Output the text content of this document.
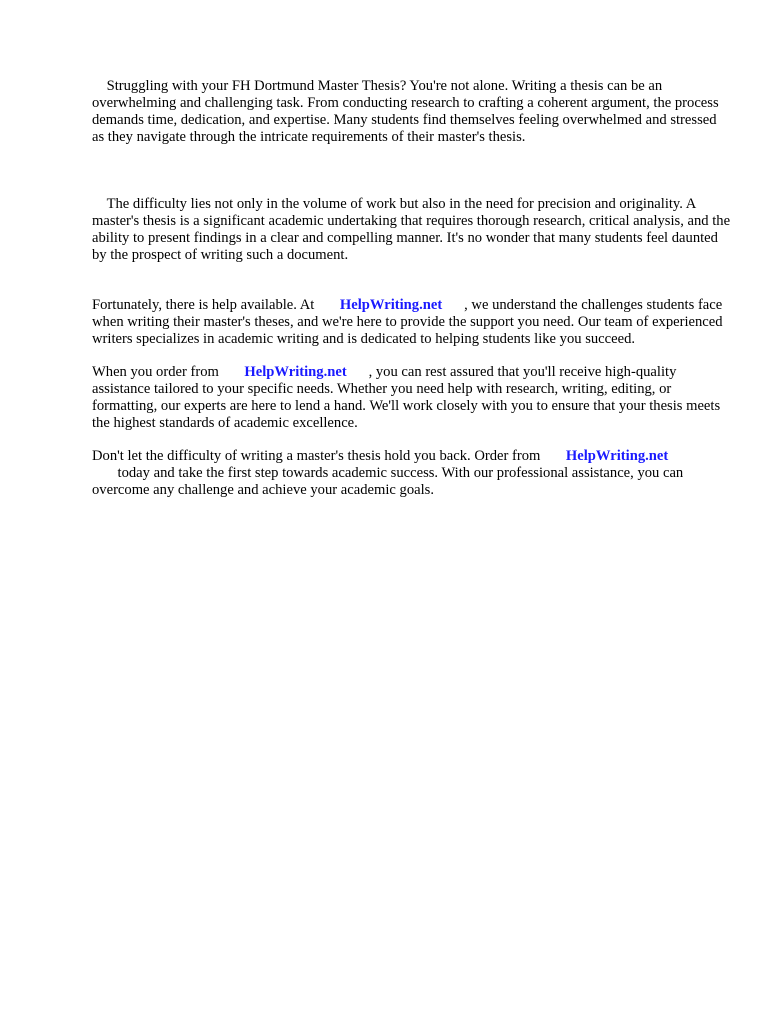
Struggling with your FH Dortmund Master Thesis? You're not alone. Writing a thesis can be an overwhelming and challenging task. From conducting research to crafting a coherent argument, the process demands time, dedication, and expertise. Many students find themselves feeling overwhelmed and stressed as they navigate through the intricate requirements of their master's thesis.

The difficulty lies not only in the volume of work but also in the need for precision and originality. A master's thesis is a significant academic undertaking that requires thorough research, critical analysis, and the ability to present findings in a clear and compelling manner. It's no wonder that many students feel daunted by the prospect of writing such a document.

Fortunately, there is help available. At       HelpWriting.net      , we understand the challenges students face when writing their master's theses, and we're here to provide the support you need. Our team of experienced writers specializes in academic writing and is dedicated to helping students like you succeed.

When you order from       HelpWriting.net      , you can rest assured that you'll receive high-quality assistance tailored to your specific needs. Whether you need help with research, writing, editing, or formatting, our experts are here to lend a hand. We'll work closely with you to ensure that your thesis meets the highest standards of academic excellence.

Don't let the difficulty of writing a master's thesis hold you back. Order from       HelpWriting.net
today and take the first step towards academic success. With our professional assistance, you can overcome any challenge and achieve your academic goals.
